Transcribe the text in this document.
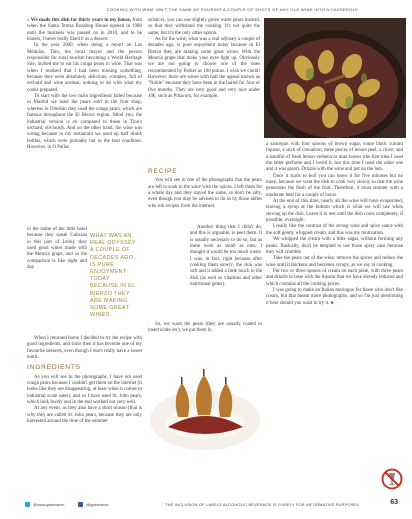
COOKING WITH WINE ISN'T THE SAME AS POURING A COUPLE OF SHOTS OF ANY OLD WINE INTO A CASSEROLE

» We made this dish for thirty years in my house, from when the Santa Teresa Roasting House opened in 1980 until the business was passed on in 2010, and to be honest, I never really liked it as a dessert.

In the year 2000, when doing a report on Las Médulas, Tino, the local mayor and the person responsible for rural tourism becoming a World Heritage Site, invited me to eat his conga pears in wine. That was when I realised that I had been missing something, because they were absolutely delicious; complex, full of orchard and wine aromas, nothing to do with what my cooks prepared.

To start with the two main ingredients failed because in Madrid we used the pears sold in the fruit shop, whereas in Omeñán they used the conga pears, which are famous throughout the El Bierzo region. Mind you, the industrial version is on compared to those in Tino's orchard, obviously. And on the other hand, the wine was wrong because in my restaurant we used up half drunk bottles, which were probably not in the best condition. However, in O Pallas

in the name of the little hotel because they speak Galician in this part of León), they used good wines made with the Mencía grape, and so the comparison is like night and day.

When I returned home I decided to try the recipe with good ingredients, and since then it has become one of my favourite desserts, even though I don't really have a sweet tooth.

INGREDIENTS

As you will see in the photographs, I have not used conga pears because I couldn't get them on the internet (it looks like they are disappearing, at least when it comes to industrial scale sales), and so I have used St. John pears, which look lovely and in the end worked out very well.

At any event, as they also have a short season (that is why they are called St. John pears, because they are only harvested around the time of the summer

WHAT WAS AN REAL ODYSSEY A COUPLE OF DECADES AGO, IS PURE ENJOYMENT TODAY BECAUSE IN EL BIERZO THEY ARE MAKING SOME GREAT WINES.

solstice), you can use slightly green water pears instead, so that they withstand the cooking. It's not quite the same, but it's the only other option.

As for the wine, what was a real odyssey a couple of decades ago, is pure enjoyment today because in El Bierzo they are making some great wines. With the Mencía grape that make your eyes light up. Obviously we are not going to choose one of the ones recommended by Parker as 100 points. I wish we could! However, there are wines with half the appeal known as "Noble" because they have been in the barrel for four or five months. They are very good and very nice under 10€, such as Pittacum, for example.

a saucepan with four spoons of brown sugar, some black currant liqueur, a stick of cinnamon, three pieces of lemon peel, a clove, and a handful of fresh lemon verbena or mint leaves (the first time I used the latter perfume and I loved it, but this time I used the other one and it was great). Drizzle with the wine and put on the hob.

Once it starts to boil you can leave it for five minutes but no more, because we want the dish to cook very slowly so that the wine penetrates the flesh of the fruit. Therefore, it must simmer with a moderate heat for a couple of hours.

At the end of this time, nearly all the wine will have evaporated, leaving a syrup at the bottom which is what we will use when serving up the dish. Leave it to rest until the dish cools completely, if possible, overnight.

I really like the contrast of the strong wine and spice sauce with the soft gently whipped cream, and this was my motivation.

We whipped the cream with a little sugar, without forming any peaks. Basically, don't be tempted to use those spray cans because they will crumble.

Take the pears out of the wine, remove the spices and reduce the wine until it thickens and becomes syrupy, as we say in cooking.

Put two or three spoons of cream on each plate, with three pears and drizzle to taste with the liqueur that we have already reduced and which contains all the cooking juices.

I was going to make an Italian meringue for those who don't like cream, but that meant more photographs, and so I'm just mentioning it here should you want to try it. ■

RECIPE

You will see in one of the photographs that the pears are left to soak in the wine with the spices. I left them for a whole day and they stayed the same, so don't be silly, even though you may be advised to do so by those ladies who rob recipes from the internet.

Another thing that I didn't do, and this is arguable, is peel them. It is usually necessary to do so, but as these were as small as nuts, I thought it would be too much waste. I was, in fact, right because after cooking them slowly, the skin was soft and it added a little touch to the dish (as well as vitamins and other nutritional gems).

So, we wash the pears (they are usually coated in insecticides etc), we put them in

@www.gastroacm	@gastroacm	THE INCLUSION OF LABELS ALCOHOLIC BEVERAGE IS PURELY FOR INFORMATIVE PURPOSES	63
